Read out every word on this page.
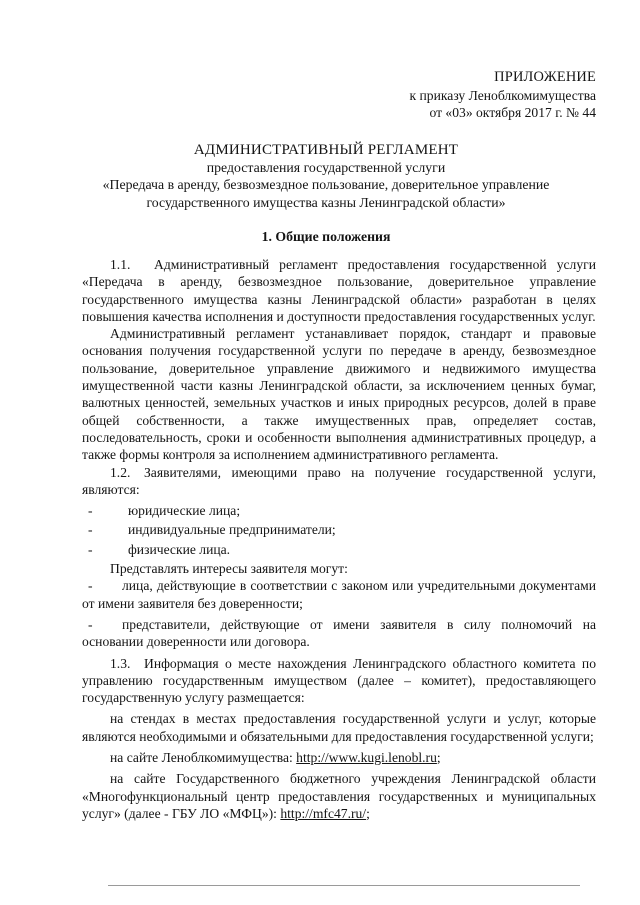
ПРИЛОЖЕНИЕ
к приказу Леноблкомимущества
от «03» октября 2017 г. № 44
АДМИНИСТРАТИВНЫЙ РЕГЛАМЕНТ
предоставления государственной услуги
«Передача в аренду, безвозмездное пользование, доверительное управление
государственного имущества казны Ленинградской области»
1. Общие положения

1.1. Административный регламент предоставления государственной услуги «Передача в аренду, безвозмездное пользование, доверительное управление государственного имущества казны Ленинградской области» разработан в целях повышения качества исполнения и доступности предоставления государственных услуг.

Административный регламент устанавливает порядок, стандарт и правовые основания получения государственной услуги по передаче в аренду, безвозмездное пользование, доверительное управление движимого и недвижимого имущества имущественной части казны Ленинградской области, за исключением ценных бумаг, валютных ценностей, земельных участков и иных природных ресурсов, долей в праве общей собственности, а также имущественных прав, определяет состав, последовательность, сроки и особенности выполнения административных процедур, а также формы контроля за исполнением административного регламента.

1.2. Заявителями, имеющими право на получение государственной услуги, являются:

-	юридические лица;
-	индивидуальные предприниматели;
-	физические лица.

Представлять интересы заявителя могут:

- лица, действующие в соответствии с законом или учредительными документами от имени заявителя без доверенности;

- представители, действующие от имени заявителя в силу полномочий на основании доверенности или договора.

1.3. Информация о месте нахождения Ленинградского областного комитета по управлению государственным имуществом (далее – комитет), предоставляющего государственную услугу размещается:

на стендах в местах предоставления государственной услуги и услуг, которые являются необходимыми и обязательными для предоставления государственной услуги;

на сайте Леноблкомимущества: http://www.kugi.lenobl.ru;

на сайте Государственного бюджетного учреждения Ленинградской области «Многофункциональный центр предоставления государственных и муниципальных услуг» (далее - ГБУ ЛО «МФЦ»): http://mfc47.ru/;
